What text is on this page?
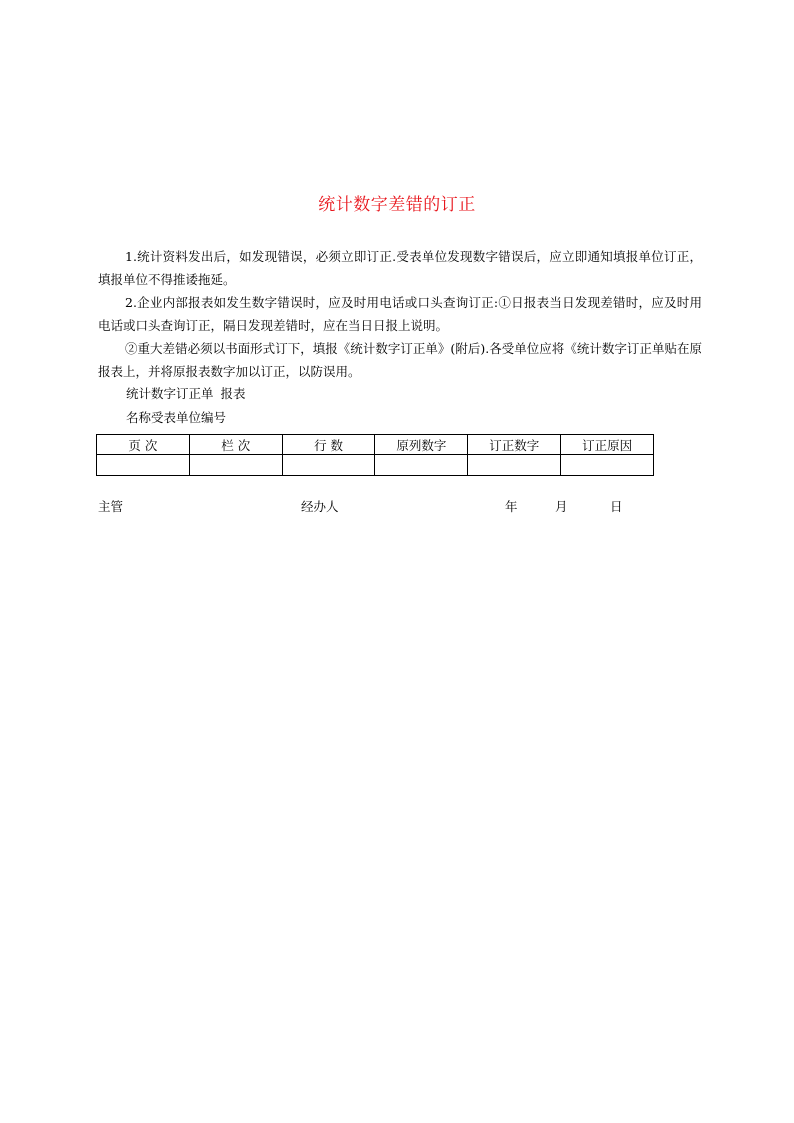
统计数字差错的订正
1.统计资料发出后，如发现错误，必须立即订正.受表单位发现数字错误后，应立即通知填报单位订正，填报单位不得推诿拖延。
2.企业内部报表如发生数字错误时，应及时用电话或口头查询订正:①日报表当日发现差错时，应及时用电话或口头查询订正，隔日发现差错时，应在当日日报上说明。
②重大差错必须以书面形式订下，填报《统计数字订正单》(附后).各受单位应将《统计数字订正单贴在原报表上，并将原报表数字加以订正，以防误用。
统计数字订正单 报表
名称受表单位编号
页 次	栏 次	行 数	原列数字	订正数字	订正原因

主管	经办人	年	月	日
